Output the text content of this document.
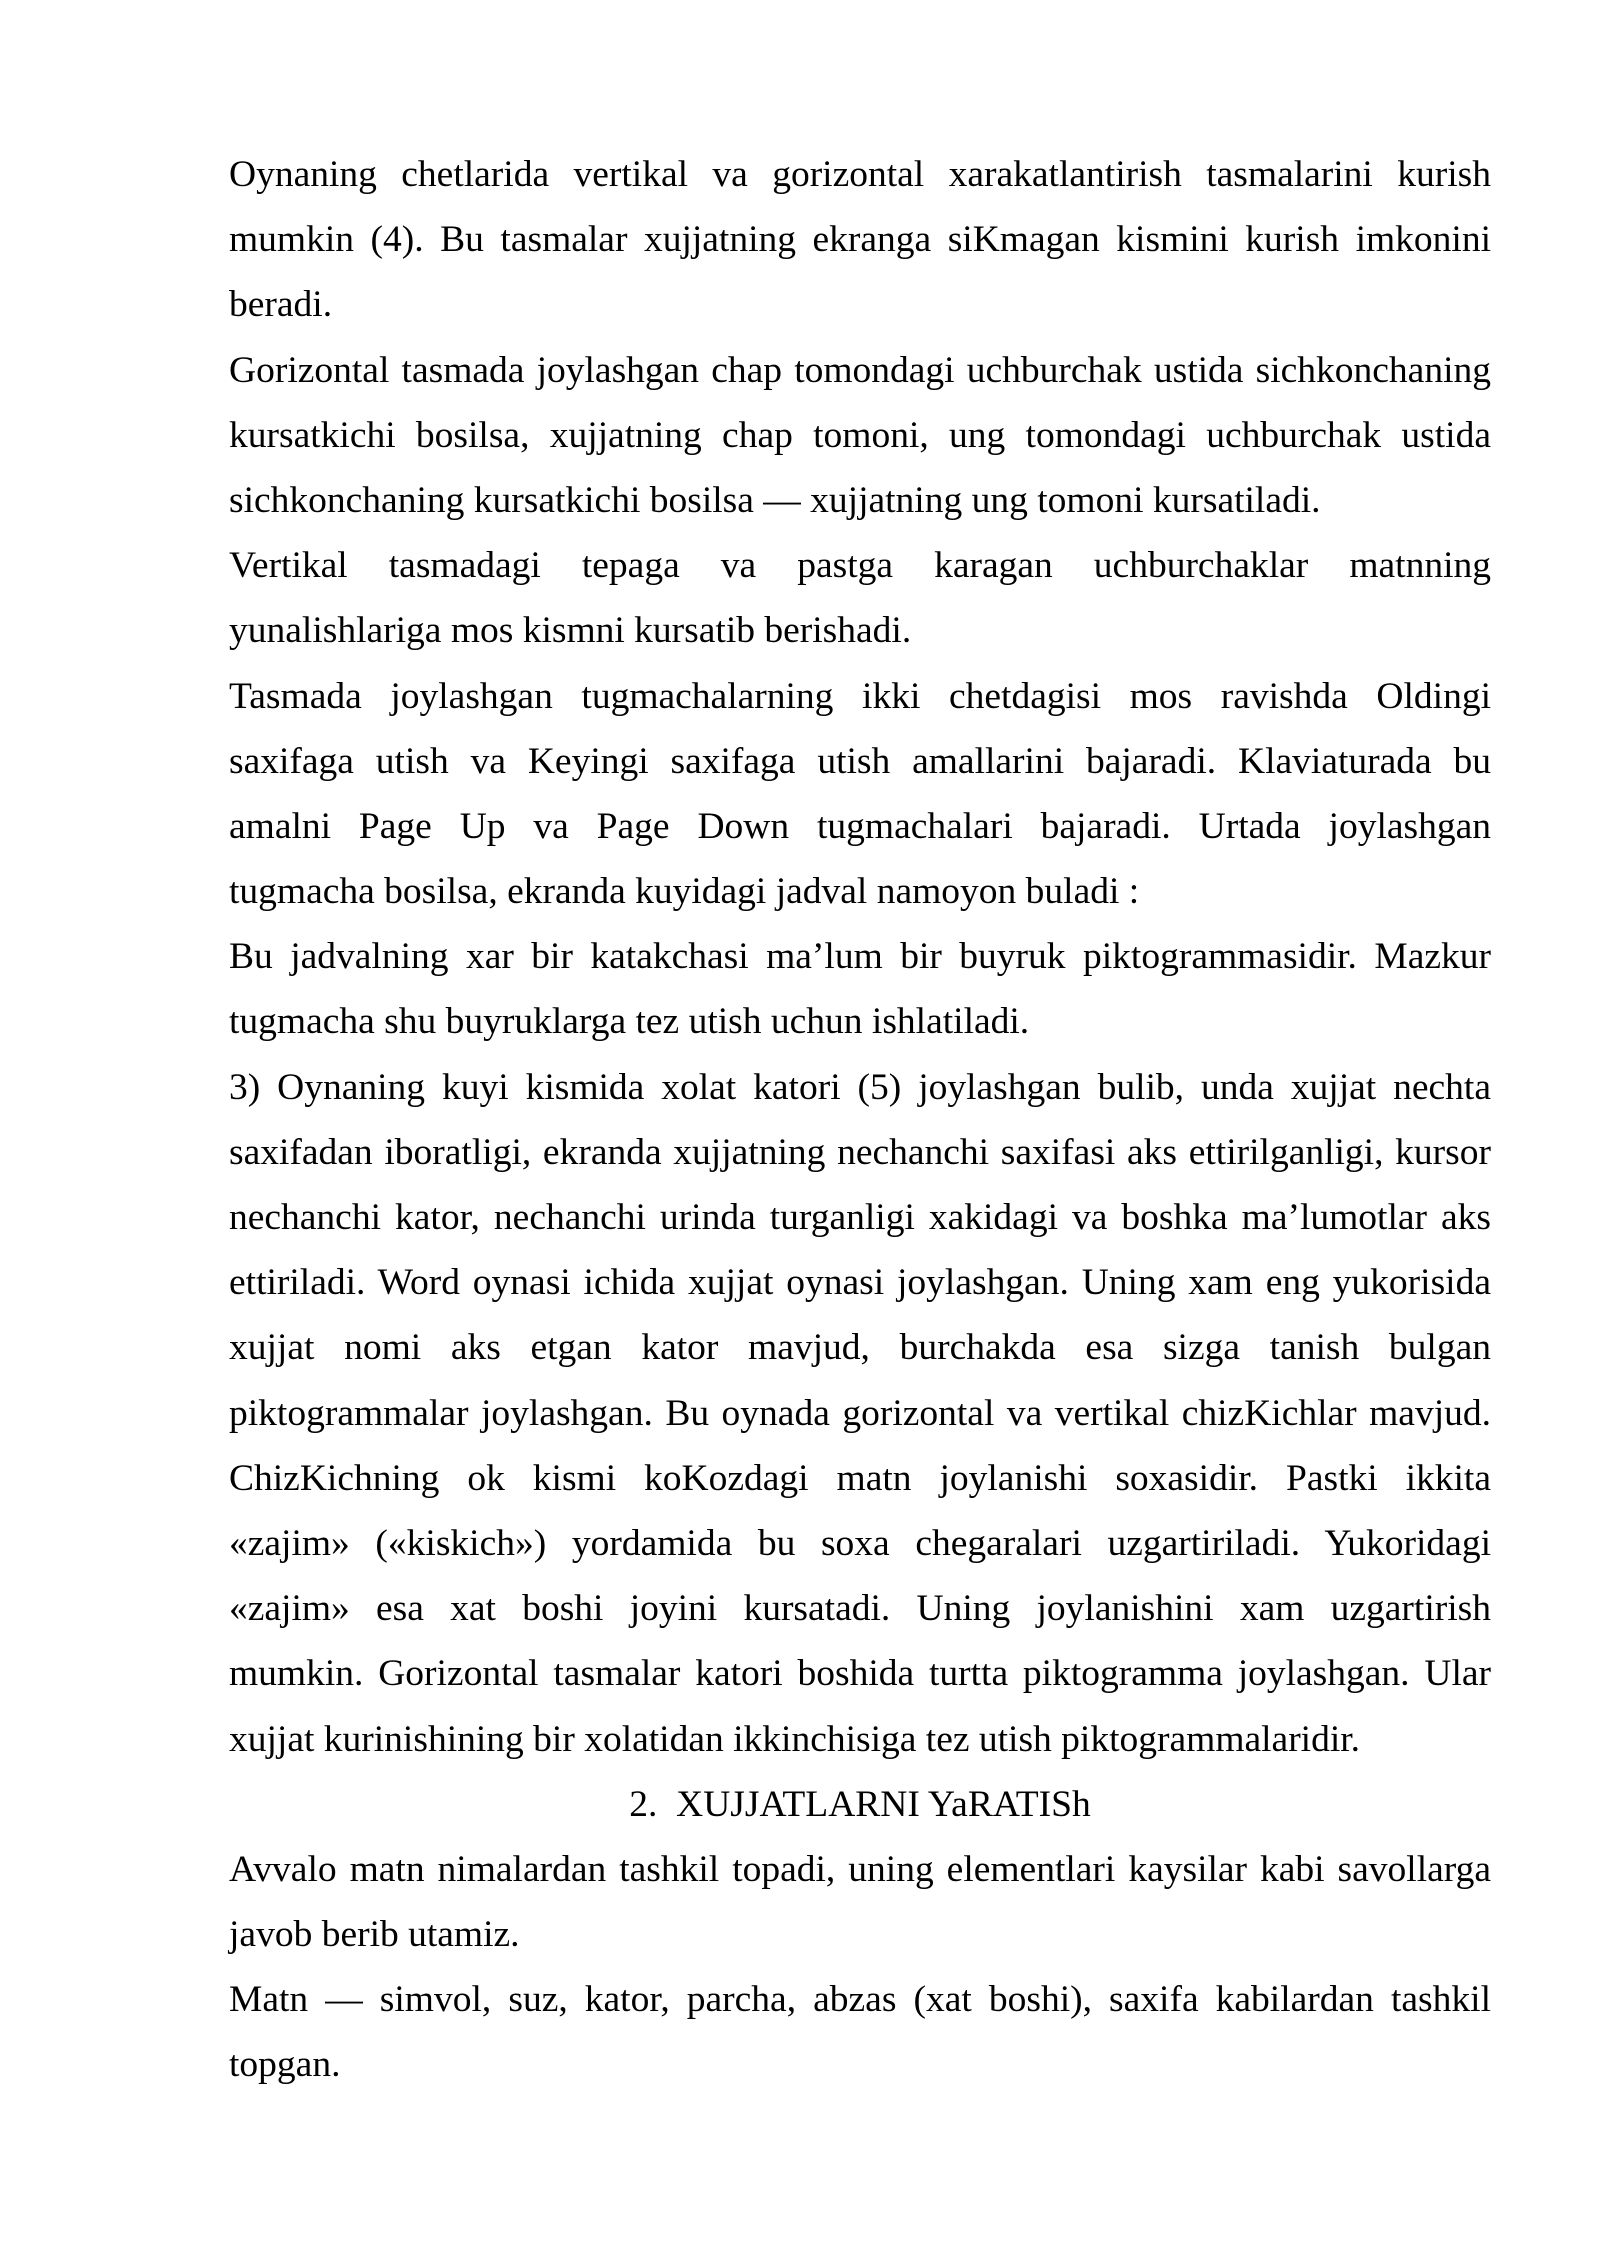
Oynaning chetlarida vertikal va gorizontal xarakatlantirish tasmalarini kurish
mumkin (4). Bu tasmalar xujjatning ekranga siKmagan kismini kurish imkonini
beradi.
Gorizontal tasmada joylashgan chap tomondagi uchburchak ustida sichkonchaning
kursatkichi bosilsa, xujjatning chap tomoni, ung tomondagi uchburchak ustida
sichkonchaning kursatkichi bosilsa — xujjatning ung tomoni kursatiladi.
Vertikal tasmadagi tepaga va pastga karagan uchburchaklar matnning
yunalishlariga mos kismni kursatib berishadi.
Tasmada joylashgan tugmachalarning ikki chetdagisi mos ravishda Oldingi
saxifaga utish va Keyingi saxifaga utish amallarini bajaradi. Klaviaturada bu
amalni Page Up va Page Down tugmachalari bajaradi. Urtada joylashgan
tugmacha bosilsa, ekranda kuyidagi jadval namoyon buladi :
Bu jadvalning xar bir katakchasi ma’lum bir buyruk piktogrammasidir. Mazkur
tugmacha shu buyruklarga tez utish uchun ishlatiladi.
3) Oynaning kuyi kismida xolat katori (5) joylashgan bulib, unda xujjat nechta
saxifadan iboratligi, ekranda xujjatning nechanchi saxifasi aks ettirilganligi, kursor
nechanchi kator, nechanchi urinda turganligi xakidagi va boshka ma’lumotlar aks
ettiriladi. Word oynasi ichida xujjat oynasi joylashgan. Uning xam eng yukorisida
xujjat nomi aks etgan kator mavjud, burchakda esa sizga tanish bulgan
piktogrammalar joylashgan. Bu oynada gorizontal va vertikal chizKichlar mavjud.
ChizKichning ok kismi koKozdagi matn joylanishi soxasidir. Pastki ikkita
«zajim» («kiskich») yordamida bu soxa chegaralari uzgartiriladi. Yukoridagi
«zajim» esa xat boshi joyini kursatadi. Uning joylanishini xam uzgartirish
mumkin. Gorizontal tasmalar katori boshida turtta piktogramma joylashgan. Ular
xujjat kurinishining bir xolatidan ikkinchisiga tez utish piktogrammalaridir.
2.  XUJJATLARNI YaRATISh
Avvalo matn nimalardan tashkil topadi, uning elementlari kaysilar kabi savollarga
javob berib utamiz.
Matn — simvol, suz, kator, parcha, abzas (xat boshi), saxifa kabilardan tashkil
topgan.
